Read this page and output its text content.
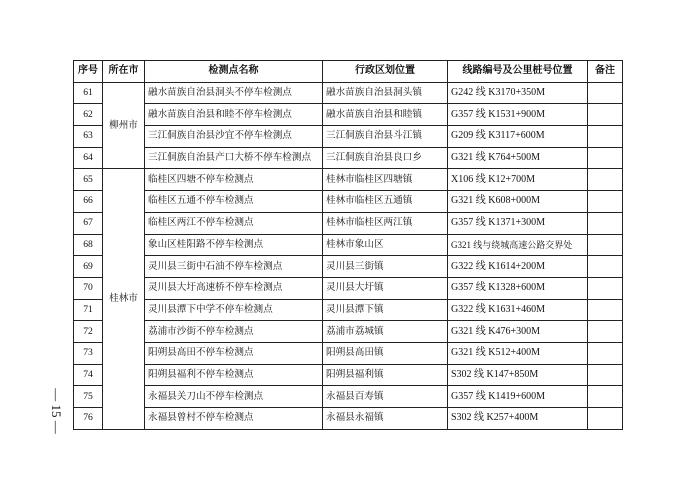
序号	所在市	检测点名称	行政区划位置	线路编号及公里桩号位置	备注
61	柳州市	融水苗族自治县洞头不停车检测点	融水苗族自治县洞头镇	G242 线 K3170+350M	
62		融水苗族自治县和睦不停车检测点	融水苗族自治县和睦镇	G357 线 K1531+900M	
63		三江侗族自治县沙宜不停车检测点	三江侗族自治县斗江镇	G209 线 K3117+600M	
64		三江侗族自治县产口大桥不停车检测点	三江侗族自治县良口乡	G321 线 K764+500M	
65	桂林市	临桂区四塘不停车检测点	桂林市临桂区四塘镇	X106 线 K12+700M	
66		临桂区五通不停车检测点	桂林市临桂区五通镇	G321 线 K608+000M	
67		临桂区两江不停车检测点	桂林市临桂区两江镇	G357 线 K1371+300M	
68		象山区桂阳路不停车检测点	桂林市象山区	G321 线与绕城高速公路交界处	
69		灵川县三街中石油不停车检测点	灵川县三街镇	G322 线 K1614+200M	
70		灵川县大圩高速桥不停车检测点	灵川县大圩镇	G357 线 K1328+600M	
71		灵川县潭下中学不停车检测点	灵川县潭下镇	G322 线 K1631+460M	
72		荔浦市沙街不停车检测点	荔浦市荔城镇	G321 线 K476+300M	
73		阳朔县高田不停车检测点	阳朔县高田镇	G321 线 K512+400M	
74		阳朔县福利不停车检测点	阳朔县福利镇	S302 线 K147+850M	
75		永福县关刀山不停车检测点	永福县百寿镇	G357 线 K1419+600M	
76		永福县曾村不停车检测点	永福县永福镇	S302 线 K257+400M	
— 15 —
